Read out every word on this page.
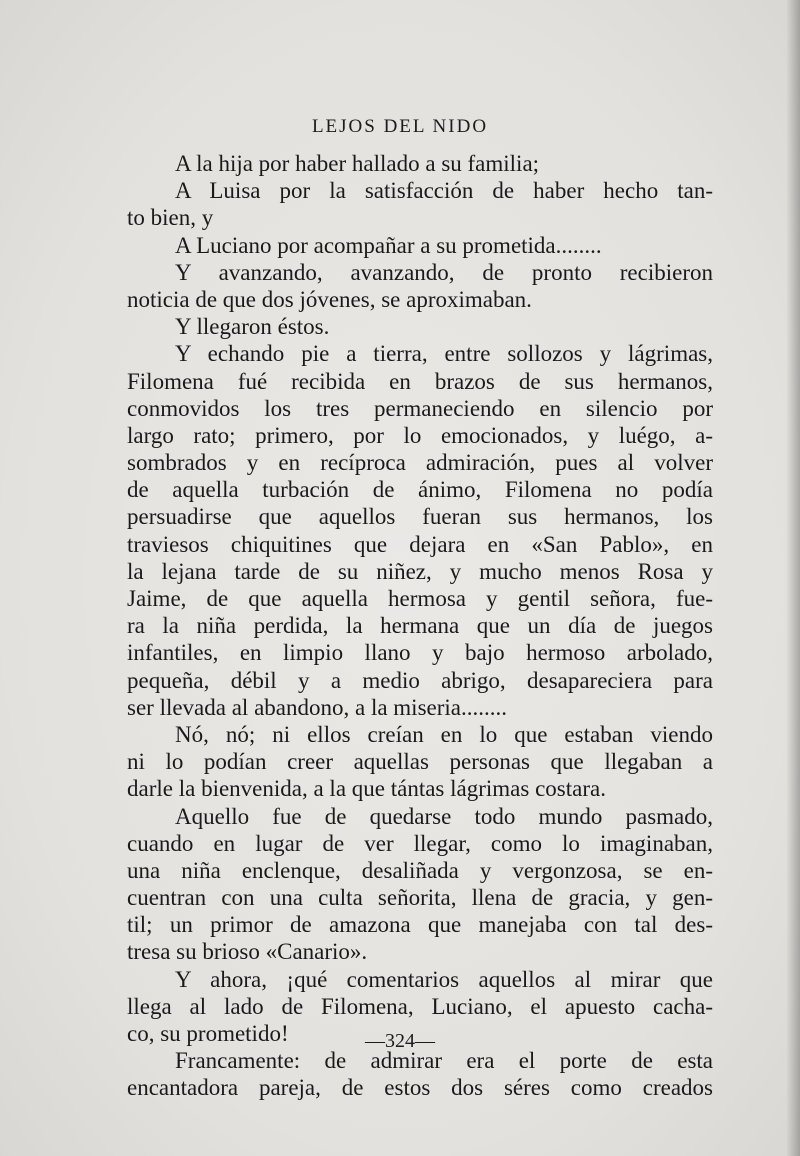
LEJOS DEL NIDO
A la hija por haber hallado a su familia;
A Luisa por la satisfacción de haber hecho tan-
to bien, y
A Luciano por acompañar a su prometida........
Y avanzando, avanzando, de pronto recibieron
noticia de que dos jóvenes, se aproximaban.
Y llegaron éstos.
Y echando pie a tierra, entre sollozos y lágrimas,
Filomena fué recibida en brazos de sus hermanos,
conmovidos los tres permaneciendo en silencio por
largo rato; primero, por lo emocionados, y luégo, a-
sombrados y en recíproca admiración, pues al volver
de aquella turbación de ánimo, Filomena no podía
persuadirse que aquellos fueran sus hermanos, los
traviesos chiquitines que dejara en «San Pablo», en
la lejana tarde de su niñez, y mucho menos Rosa y
Jaime, de que aquella hermosa y gentil señora, fue-
ra la niña perdida, la hermana que un día de juegos
infantiles, en limpio llano y bajo hermoso arbolado,
pequeña, débil y a medio abrigo, desapareciera para
ser llevada al abandono, a la miseria........
Nó, nó; ni ellos creían en lo que estaban viendo
ni lo podían creer aquellas personas que llegaban a
darle la bienvenida, a la que tántas lágrimas costara.
Aquello fue de quedarse todo mundo pasmado,
cuando en lugar de ver llegar, como lo imaginaban,
una niña enclenque, desaliñada y vergonzosa, se en-
cuentran con una culta señorita, llena de gracia, y gen-
til; un primor de amazona que manejaba con tal des-
tresa su brioso «Canario».
Y ahora, ¡qué comentarios aquellos al mirar que
llega al lado de Filomena, Luciano, el apuesto cacha-
co, su prometido!
Francamente: de admirar era el porte de esta
encantadora pareja, de estos dos séres como creados
—324—
